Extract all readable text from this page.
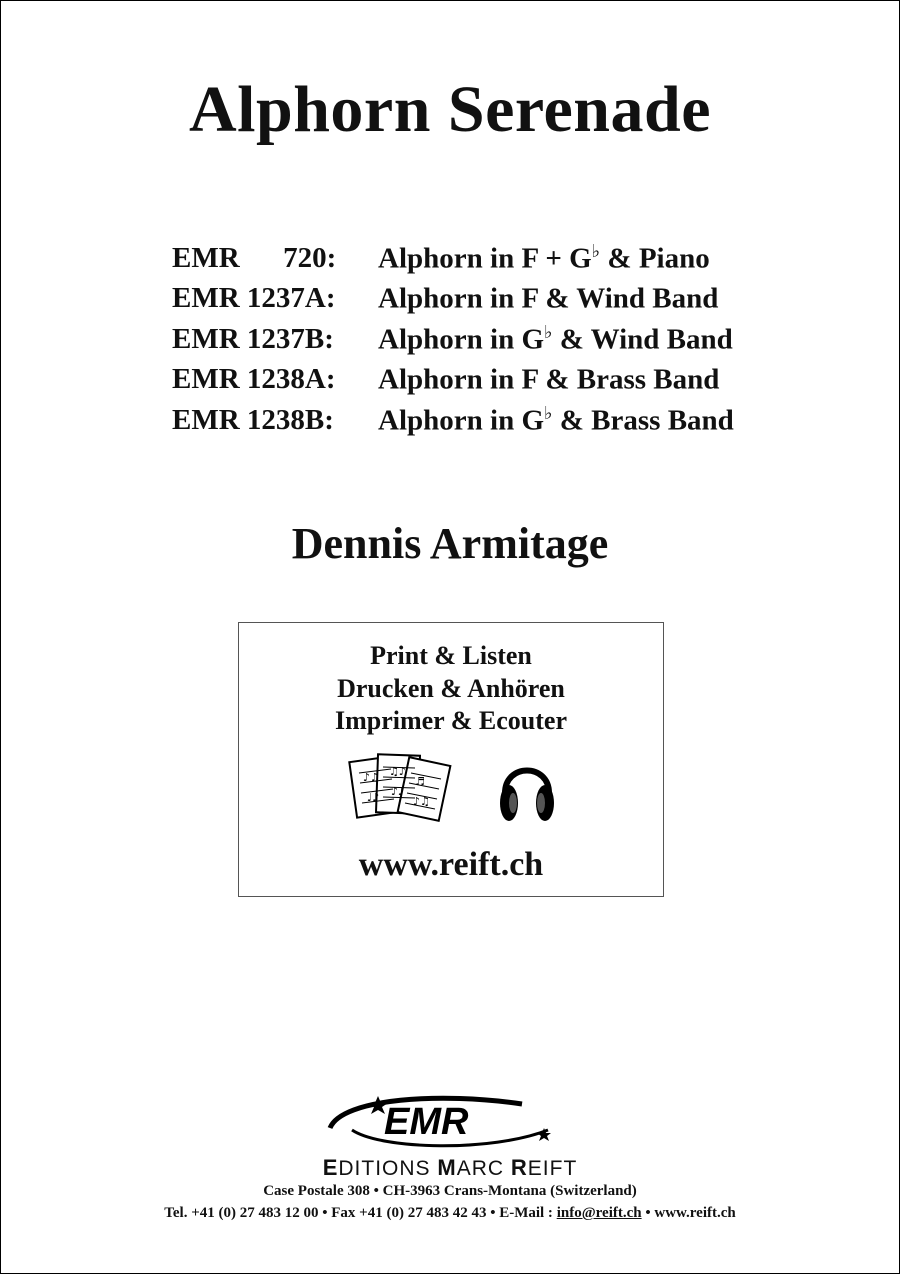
Alphorn Serenade
EMR      720:	Alphorn in F + G♭ & Piano
EMR 1237A:	Alphorn in F & Wind Band
EMR 1237B:	Alphorn in G♭ & Wind Band
EMR 1238A:	Alphorn in F & Brass Band
EMR 1238B:	Alphorn in G♭ & Brass Band
Dennis Armitage
Print & Listen
Drucken & Anhören
Imprimer & Ecouter
♪♫
♩♪
♫♪
♪♩
♬
♪♫
www.reift.ch
EMR
EDITIONS MARC REIFT
Case Postale 308 • CH-3963 Crans-Montana (Switzerland)
Tel. +41 (0) 27 483 12 00 • Fax +41 (0) 27 483 42 43 • E-Mail : info@reift.ch • www.reift.ch
